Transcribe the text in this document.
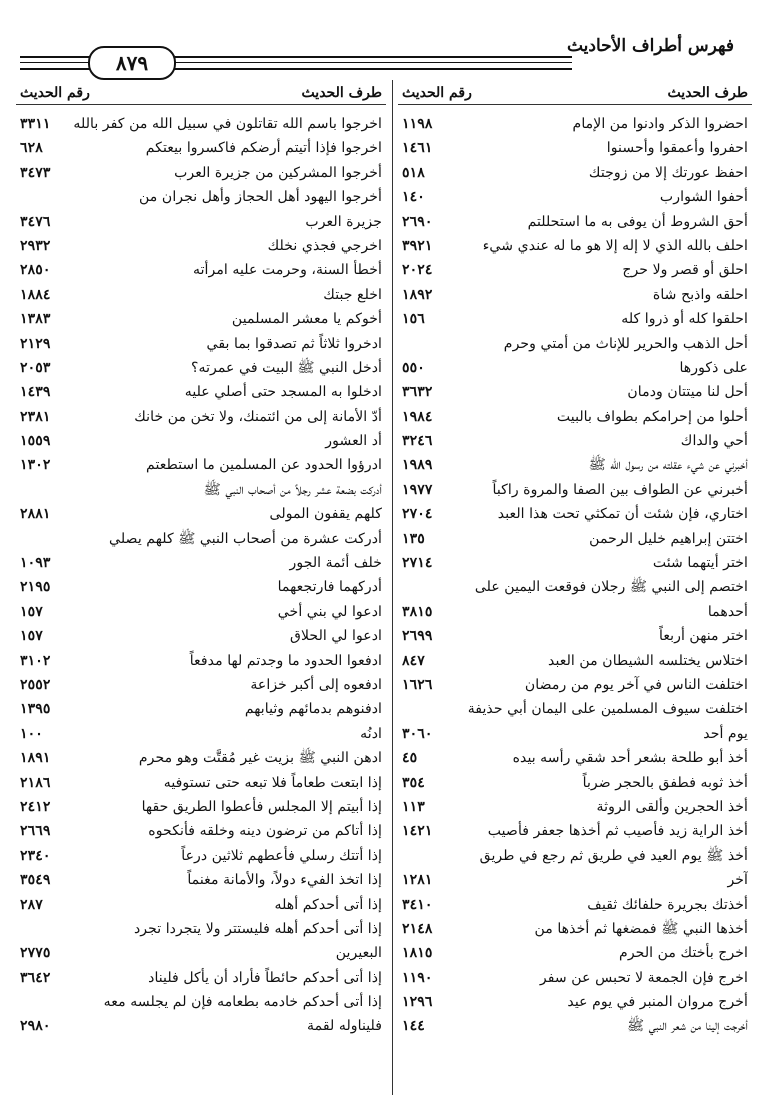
فهرس أطراف الأحاديث
٨٧٩
طرف الحديث
رقم الحديث
احضروا الذكر وادنوا من الإمام
١١٩٨
احفروا وأعمقوا وأحسنوا
١٤٦١
احفظ عورتك إلا من زوجتك
٥١٨
أحفوا الشوارب
١٤٠
أحق الشروط أن يوفى به ما استحللتم
٢٦٩٠
احلف بالله الذي لا إله إلا هو ما له عندي شيء
٣٩٢١
احلق أو قصر ولا حرج
٢٠٢٤
احلقه واذبح شاة
١٨٩٢
احلقوا كله أو ذروا كله
١٥٦
أحل الذهب والحرير للإناث من أمتي وحرم
على ذكورها
٥٥٠
أحل لنا ميتتان ودمان
٣٦٣٢
أحلوا من إحرامكم بطواف بالبيت
١٩٨٤
أحي والداك
٣٢٤٦
أخبرني عن شيء عقلته من رسول الله ﷺ
١٩٨٩
أخبرني عن الطواف بين الصفا والمروة راكباً
١٩٧٧
اختاري، فإن شئت أن تمكثي تحت هذا العبد
٢٧٠٤
اختتن إبراهيم خليل الرحمن
١٣٥
اختر أيتهما شئت
٢٧١٤
اختصم إلى النبي ﷺ رجلان فوقعت اليمين على
أحدهما
٣٨١٥
اختر منهن أربعاً
٢٦٩٩
اختلاس يختلسه الشيطان من العبد
٨٤٧
اختلفت الناس في آخر يوم من رمضان
١٦٢٦
اختلفت سيوف المسلمين على اليمان أبي حذيفة
يوم أحد
٣٠٦٠
أخذ أبو طلحة بشعر أحد شقي رأسه بيده
٤٥
أخذ ثوبه فطفق بالحجر ضرباً
٣٥٤
أخذ الحجرين وألقى الروثة
١١٣
أخذ الراية زيد فأصيب ثم أخذها جعفر فأصيب
١٤٢١
أخذ ﷺ يوم العيد في طريق ثم رجع في طريق
آخر
١٢٨١
أخذتك بجريرة حلفائك ثقيف
٣٤١٠
أخذها النبي ﷺ فمضغها ثم أخذها من
٢١٤٨
اخرج بأختك من الحرم
١٨١٥
اخرج فإن الجمعة لا تحبس عن سفر
١١٩٠
أخرج مروان المنبر في يوم عيد
١٢٩٦
أخرجت إلينا من شعر النبي ﷺ
١٤٤
طرف الحديث
رقم الحديث
اخرجوا باسم الله تقاتلون في سبيل الله من كفر بالله
٣٣١١
اخرجوا فإذا أتيتم أرضكم فاكسروا بيعتكم
٦٢٨
أخرجوا المشركين من جزيرة العرب
٣٤٧٣
أخرجوا اليهود أهل الحجاز وأهل نجران من
جزيرة العرب
٣٤٧٦
اخرجي فجذي نخلك
٢٩٣٢
أخطأ السنة، وحرمت عليه امرأته
٢٨٥٠
اخلع جبتك
١٨٨٤
أخوكم يا معشر المسلمين
١٣٨٣
ادخروا ثلاثاً ثم تصدقوا بما بقي
٢١٢٩
أدخل النبي ﷺ البيت في عمرته؟
٢٠٥٣
ادخلوا به المسجد حتى أصلي عليه
١٤٣٩
أدّ الأمانة إلى من ائتمنك، ولا تخن من خانك
٢٣٨١
أد العشور
١٥٥٩
ادرؤوا الحدود عن المسلمين ما استطعتم
١٣٠٢
أدركت بضعة عشر رجلاً من أصحاب النبي ﷺ
كلهم يقفون المولى
٢٨٨١
أدركت عشرة من أصحاب النبي ﷺ كلهم يصلي
خلف أئمة الجور
١٠٩٣
أدركهما فارتجعهما
٢١٩٥
ادعوا لي بني أخي
١٥٧
ادعوا لي الحلاق
١٥٧
ادفعوا الحدود ما وجدتم لها مدفعاً
٣١٠٢
ادفعوه إلى أكبر خزاعة
٢٥٥٢
ادفنوهم بدمائهم وثيابهم
١٣٩٥
ادنُه
١٠٠
ادهن النبي ﷺ بزيت غير مُقتَّت وهو محرم
١٨٩١
إذا ابتعت طعاماً فلا تبعه حتى تستوفيه
٢١٨٦
إذا أبيتم إلا المجلس فأعطوا الطريق حقها
٢٤١٢
إذا أتاكم من ترضون دينه وخلقه فأنكحوه
٢٦٦٩
إذا أتتك رسلي فأعطهم ثلاثين درعاً
٢٣٤٠
إذا اتخذ الفيء دولاً، والأمانة مغنماً
٣٥٤٩
إذا أتى أحدكم أهله
٢٨٧
إذا أتى أحدكم أهله فليستتر ولا يتجردا تجرد
البعيرين
٢٧٧٥
إذا أتى أحدكم حائطاً فأراد أن يأكل فليناد
٣٦٤٢
إذا أتى أحدكم خادمه بطعامه فإن لم يجلسه معه
فليناوله لقمة
٢٩٨٠
